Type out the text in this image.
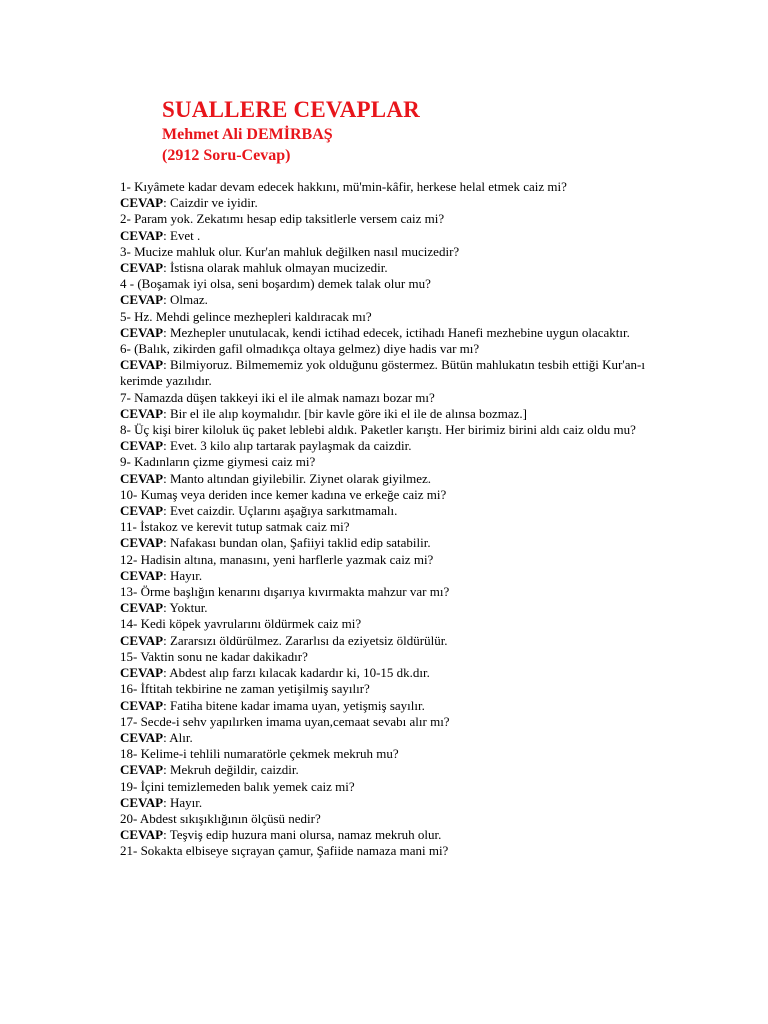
SUALLERE CEVAPLAR
Mehmet Ali DEMİRBAŞ
(2912 Soru-Cevap)
1- Kıyâmete kadar devam edecek hakkını, mü'min-kâfir, herkese helal etmek caiz mi?
CEVAP: Caizdir ve iyidir.
2- Param yok. Zekatımı hesap edip taksitlerle versem caiz mi?
CEVAP: Evet .
3- Mucize mahluk olur. Kur'an mahluk değilken nasıl mucizedir?
CEVAP: İstisna olarak mahluk olmayan mucizedir.
4 - (Boşamak iyi olsa, seni boşardım) demek talak olur mu?
CEVAP: Olmaz.
5- Hz. Mehdi gelince mezhepleri kaldıracak mı?
CEVAP: Mezhepler unutulacak, kendi ictihad edecek, ictihadı Hanefi mezhebine uygun olacaktır.
6- (Balık, zikirden gafil olmadıkça oltaya gelmez) diye hadis var mı?
CEVAP: Bilmiyoruz. Bilmememiz yok olduğunu göstermez. Bütün mahlukatın tesbih ettiği Kur'an-ı kerimde yazılıdır.
7- Namazda düşen takkeyi iki el ile almak namazı bozar mı?
CEVAP: Bir el ile alıp koymalıdır. [bir kavle göre iki el ile de alınsa bozmaz.]
8- Üç kişi birer kiloluk üç paket leblebi aldık. Paketler karıştı. Her birimiz birini aldı caiz oldu mu?
CEVAP: Evet. 3 kilo alıp tartarak paylaşmak da caizdir.
9- Kadınların çizme giymesi caiz mi?
CEVAP: Manto altından giyilebilir. Ziynet olarak giyilmez.
10- Kumaş veya deriden ince kemer kadına ve erkeğe caiz mi?
CEVAP: Evet caizdir. Uçlarını aşağıya sarkıtmamalı.
11- İstakoz ve kerevit tutup satmak caiz mi?
CEVAP: Nafakası bundan olan, Şafiiyi taklid edip satabilir.
12- Hadisin altına, manasını, yeni harflerle yazmak caiz mi?
CEVAP: Hayır.
13- Örme başlığın kenarını dışarıya kıvırmakta mahzur var mı?
CEVAP: Yoktur.
14- Kedi köpek yavrularını öldürmek caiz mi?
CEVAP: Zararsızı öldürülmez. Zararlısı da eziyetsiz öldürülür.
15- Vaktin sonu ne kadar dakikadır?
CEVAP: Abdest alıp farzı kılacak kadardır ki, 10-15 dk.dır.
16- İftitah tekbirine ne zaman yetişilmiş sayılır?
CEVAP: Fatiha bitene kadar imama uyan, yetişmiş sayılır.
17- Secde-i sehv yapılırken imama uyan,cemaat sevabı alır mı?
CEVAP: Alır.
18- Kelime-i tehlili numaratörle çekmek mekruh mu?
CEVAP: Mekruh değildir, caizdir.
19- İçini temizlemeden balık yemek caiz mi?
CEVAP: Hayır.
20- Abdest sıkışıklığının ölçüsü nedir?
CEVAP: Teşviş edip huzura mani olursa, namaz mekruh olur.
21- Sokakta elbiseye sıçrayan çamur, Şafiide namaza mani mi?
